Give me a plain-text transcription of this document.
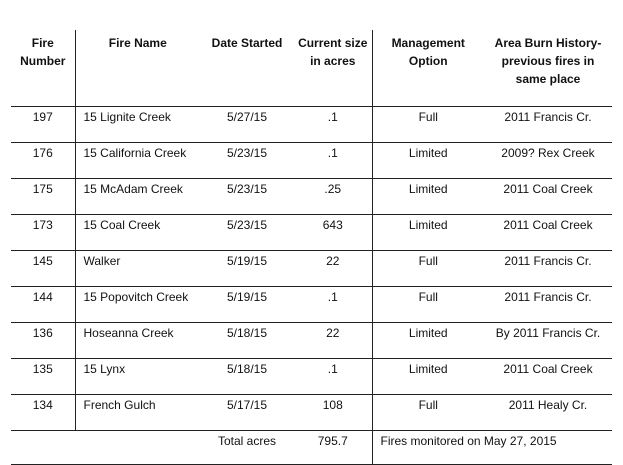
Fire Number	Fire Name	Date Started	Current size in acres	Management Option	Area Burn History- previous fires in same place
197	15 Lignite Creek	5/27/15	.1	Full	2011 Francis Cr.
176	15 California Creek	5/23/15	.1	Limited	2009? Rex Creek
175	15 McAdam Creek	5/23/15	.25	Limited	2011 Coal Creek
173	15 Coal Creek	5/23/15	643	Limited	2011 Coal Creek
145	Walker	5/19/15	22	Full	2011 Francis Cr.
144	15 Popovitch Creek	5/19/15	.1	Full	2011 Francis Cr.
136	Hoseanna Creek	5/18/15	22	Limited	By 2011 Francis Cr.
135	15 Lynx	5/18/15	.1	Limited	2011 Coal Creek
134	French Gulch	5/17/15	108	Full	2011 Healy Cr.
		Total acres	795.7	Fires monitored on May 27, 2015	
